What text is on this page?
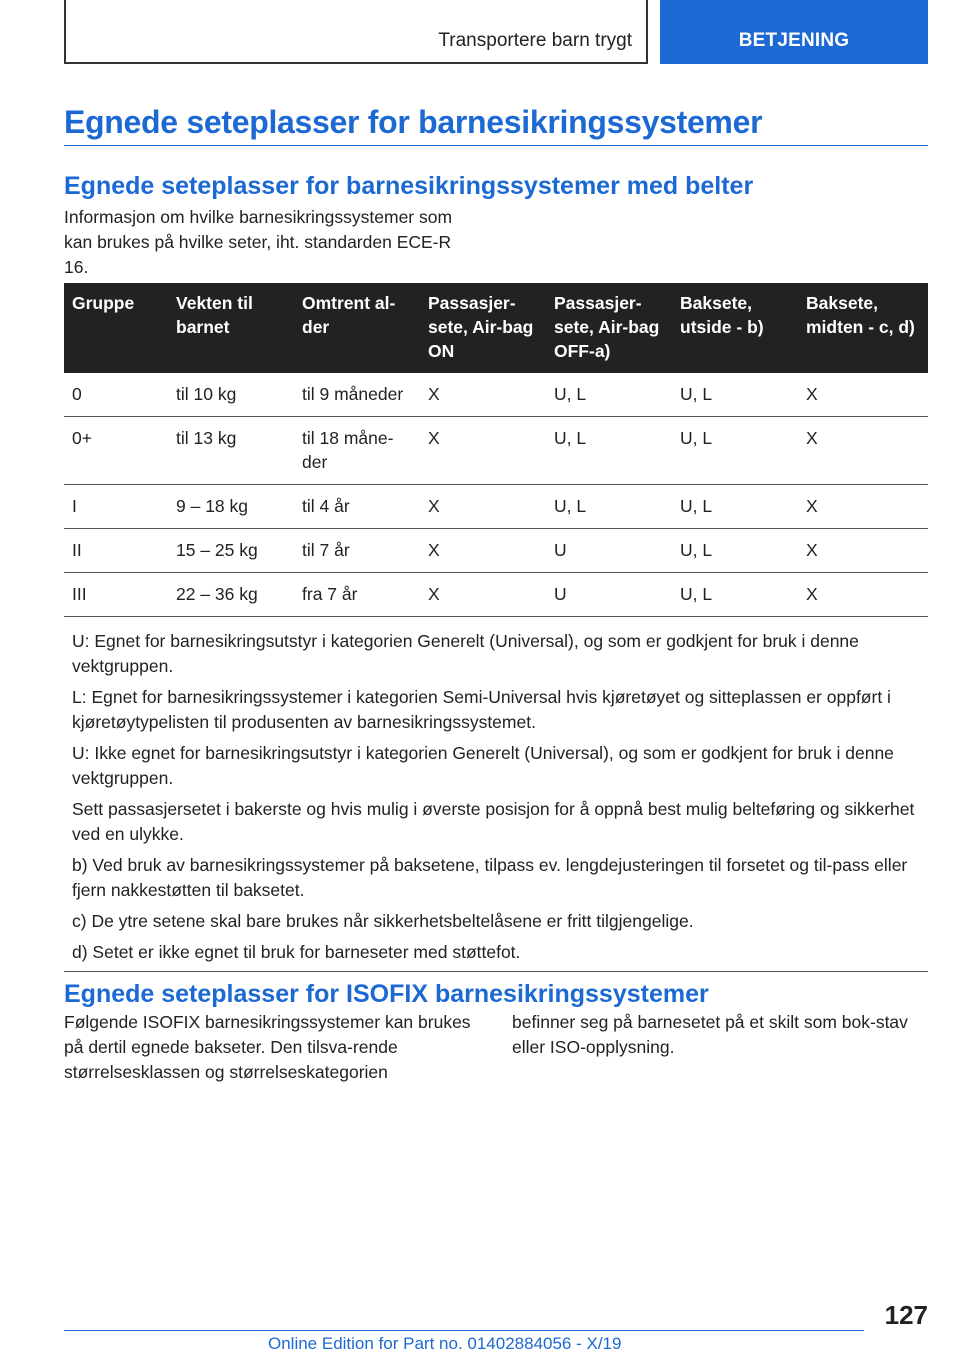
Transportere barn trygt	BETJENING
Egnede seteplasser for barnesikringssystemer
Egnede seteplasser for barnesikringssystemer med belter

Informasjon om hvilke barnesikringssystemer som kan brukes på hvilke seter, iht. standarden ECE-R 16.

Gruppe	Vekten til barnet	Omtrent al-der	Passasjer-sete, Air-bag ON	Passasjer-sete, Air-bag OFF-a)	Baksete, utside - b)	Baksete, midten - c, d)
0	til 10 kg	til 9 måneder	X	U, L	U, L	X
0+	til 13 kg	til 18 måne-der	X	U, L	U, L	X
I	9 – 18 kg	til 4 år	X	U, L	U, L	X
II	15 – 25 kg	til 7 år	X	U	U, L	X
III	22 – 36 kg	fra 7 år	X	U	U, L	X

U: Egnet for barnesikringsutstyr i kategorien Generelt (Universal), og som er godkjent for bruk i denne vektgruppen.						
L: Egnet for barnesikringssystemer i kategorien Semi-Universal hvis kjøretøyet og sitteplassen er oppført i kjøretøytypelisten til produsenten av barnesikringssystemet.						
U: Ikke egnet for barnesikringsutstyr i kategorien Generelt (Universal), og som er godkjent for bruk i denne vektgruppen.						
Sett passasjersetet i bakerste og hvis mulig i øverste posisjon for å oppnå best mulig belteføring og sikkerhet ved en ulykke.						
b) Ved bruk av barnesikringssystemer på baksetene, tilpass ev. lengdejusteringen til forsetet og til-pass eller fjern nakkestøtten til baksetet.						
c) De ytre setene skal bare brukes når sikkerhetsbeltelåsene er fritt tilgjengelige.						
d) Setet er ikke egnet til bruk for barneseter med støttefot.						
Egnede seteplasser for ISOFIX barnesikringssystemer

Følgende ISOFIX barnesikringssystemer kan brukes på dertil egnede bakseter. Den tilsva-rende størrelsesklassen og størrelseskategorien

befinner seg på barnesetet på et skilt som bok-stav eller ISO-opplysning.

127
Online Edition for Part no. 01402884056 - X/19
